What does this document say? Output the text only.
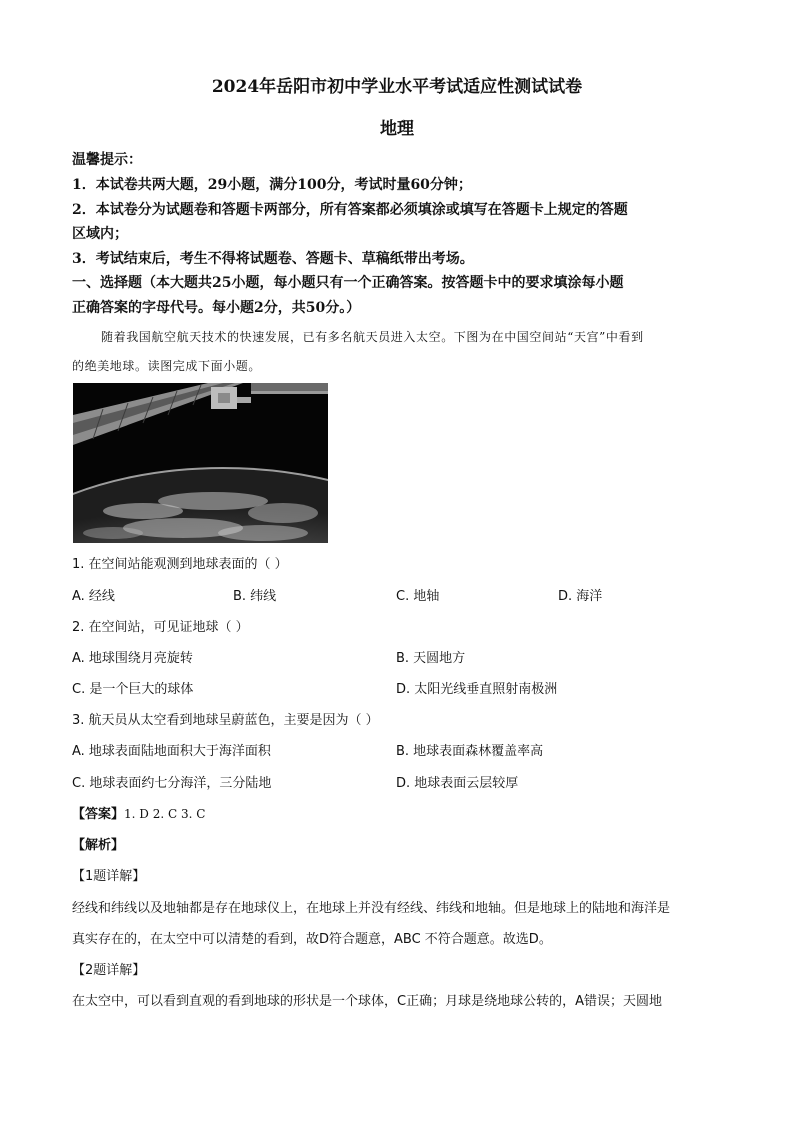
2024年岳阳市初中学业水平考试适应性测试试卷
地理
温馨提示：
1．本试卷共两大题，29小题，满分100分，考试时量60分钟；
2．本试卷分为试题卷和答题卡两部分，所有答案都必须填涂或填写在答题卡上规定的答题
区域内；
3．考试结束后，考生不得将试题卷、答题卡、草稿纸带出考场。
一、选择题（本大题共25小题，每小题只有一个正确答案。按答题卡中的要求填涂每小题
正确答案的字母代号。每小题2分，共50分。）
随着我国航空航天技术的快速发展，已有多名航天员进入太空。下图为在中国空间站“天宫”中看到
的绝美地球。读图完成下面小题。
1. 在空间站能观测到地球表面的（ ）
A. 经线	B. 纬线	C. 地轴	D. 海洋
2. 在空间站，可见证地球（ ）
A. 地球围绕月亮旋转	B. 天圆地方
C. 是一个巨大的球体	D. 太阳光线垂直照射南极洲
3. 航天员从太空看到地球呈蔚蓝色，主要是因为（ ）
A. 地球表面陆地面积大于海洋面积	B. 地球表面森林覆盖率高
C. 地球表面约七分海洋，三分陆地	D. 地球表面云层较厚
【答案】1. D 2. C 3. C
【解析】
【1题详解】
经线和纬线以及地轴都是存在地球仪上，在地球上并没有经线、纬线和地轴。但是地球上的陆地和海洋是
真实存在的，在太空中可以清楚的看到，故D符合题意，ABC 不符合题意。故选D。
【2题详解】
在太空中，可以看到直观的看到地球的形状是一个球体，C正确；月球是绕地球公转的，A错误；天圆地
